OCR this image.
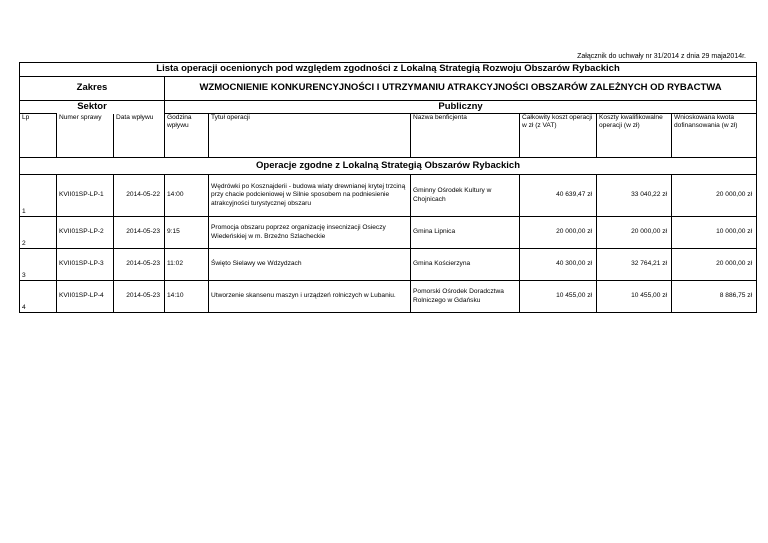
Załącznik do uchwały nr 31/2014 z dnia 29 maja2014r.
Lista operacji ocenionych pod względem zgodności z Lokalną Strategią Rozwoju Obszarów Rybackich								
Zakres			WZMOCNIENIE KONKURENCYJNOŚCI I UTRZYMANIU ATRAKCYJNOŚCI OBSZARÓW ZALEŻNYCH OD RYBACTWA					
Sektor			Publiczny					
Lp	Numer sprawy	Data wpływu	Godzina wpływu	Tytuł operacji	Nazwa benficjenta	Całkowity koszt operacji w zł (z VAT)	Koszty kwalifikowalne operacji (w zł)	Wnioskowana kwota dofinansowania (w zł)
Operacje zgodne z Lokalną Strategią Obszarów Rybackich								
1	KVII01SP-LP-1	2014-05-22	14:00	Wędrówki po Kosznajderii - budowa wiaty drewnianej krytej trzciną przy chacie podcieniowej w Silnie sposobem na podniesienie atrakcyjności turystycznej obszaru	Gminny Ośrodek Kultury w Chojnicach	40 639,47 zł	33 040,22 zł	20 000,00 zł
2	KVII01SP-LP-2	2014-05-23	9:15	Promocja obszaru poprzez organizację insecnizacji Osieczy Wiedeńskiej w m. Brzeźno Szlacheckie	Gmina Lipnica	20 000,00 zł	20 000,00 zł	10 000,00 zł
3	KVII01SP-LP-3	2014-05-23	11:02	Święto Sielawy we Wdzydzach	Gmina Kościerzyna	40 300,00 zł	32 764,21 zł	20 000,00 zł
4	KVII01SP-LP-4	2014-05-23	14:10	Utworzenie skansenu maszyn i urządzeń rolniczych w Lubaniu.	Pomorski Ośrodek Doradcztwa Rolniczego w Gdańsku	10 455,00 zł	10 455,00 zł	8 886,75 zł
